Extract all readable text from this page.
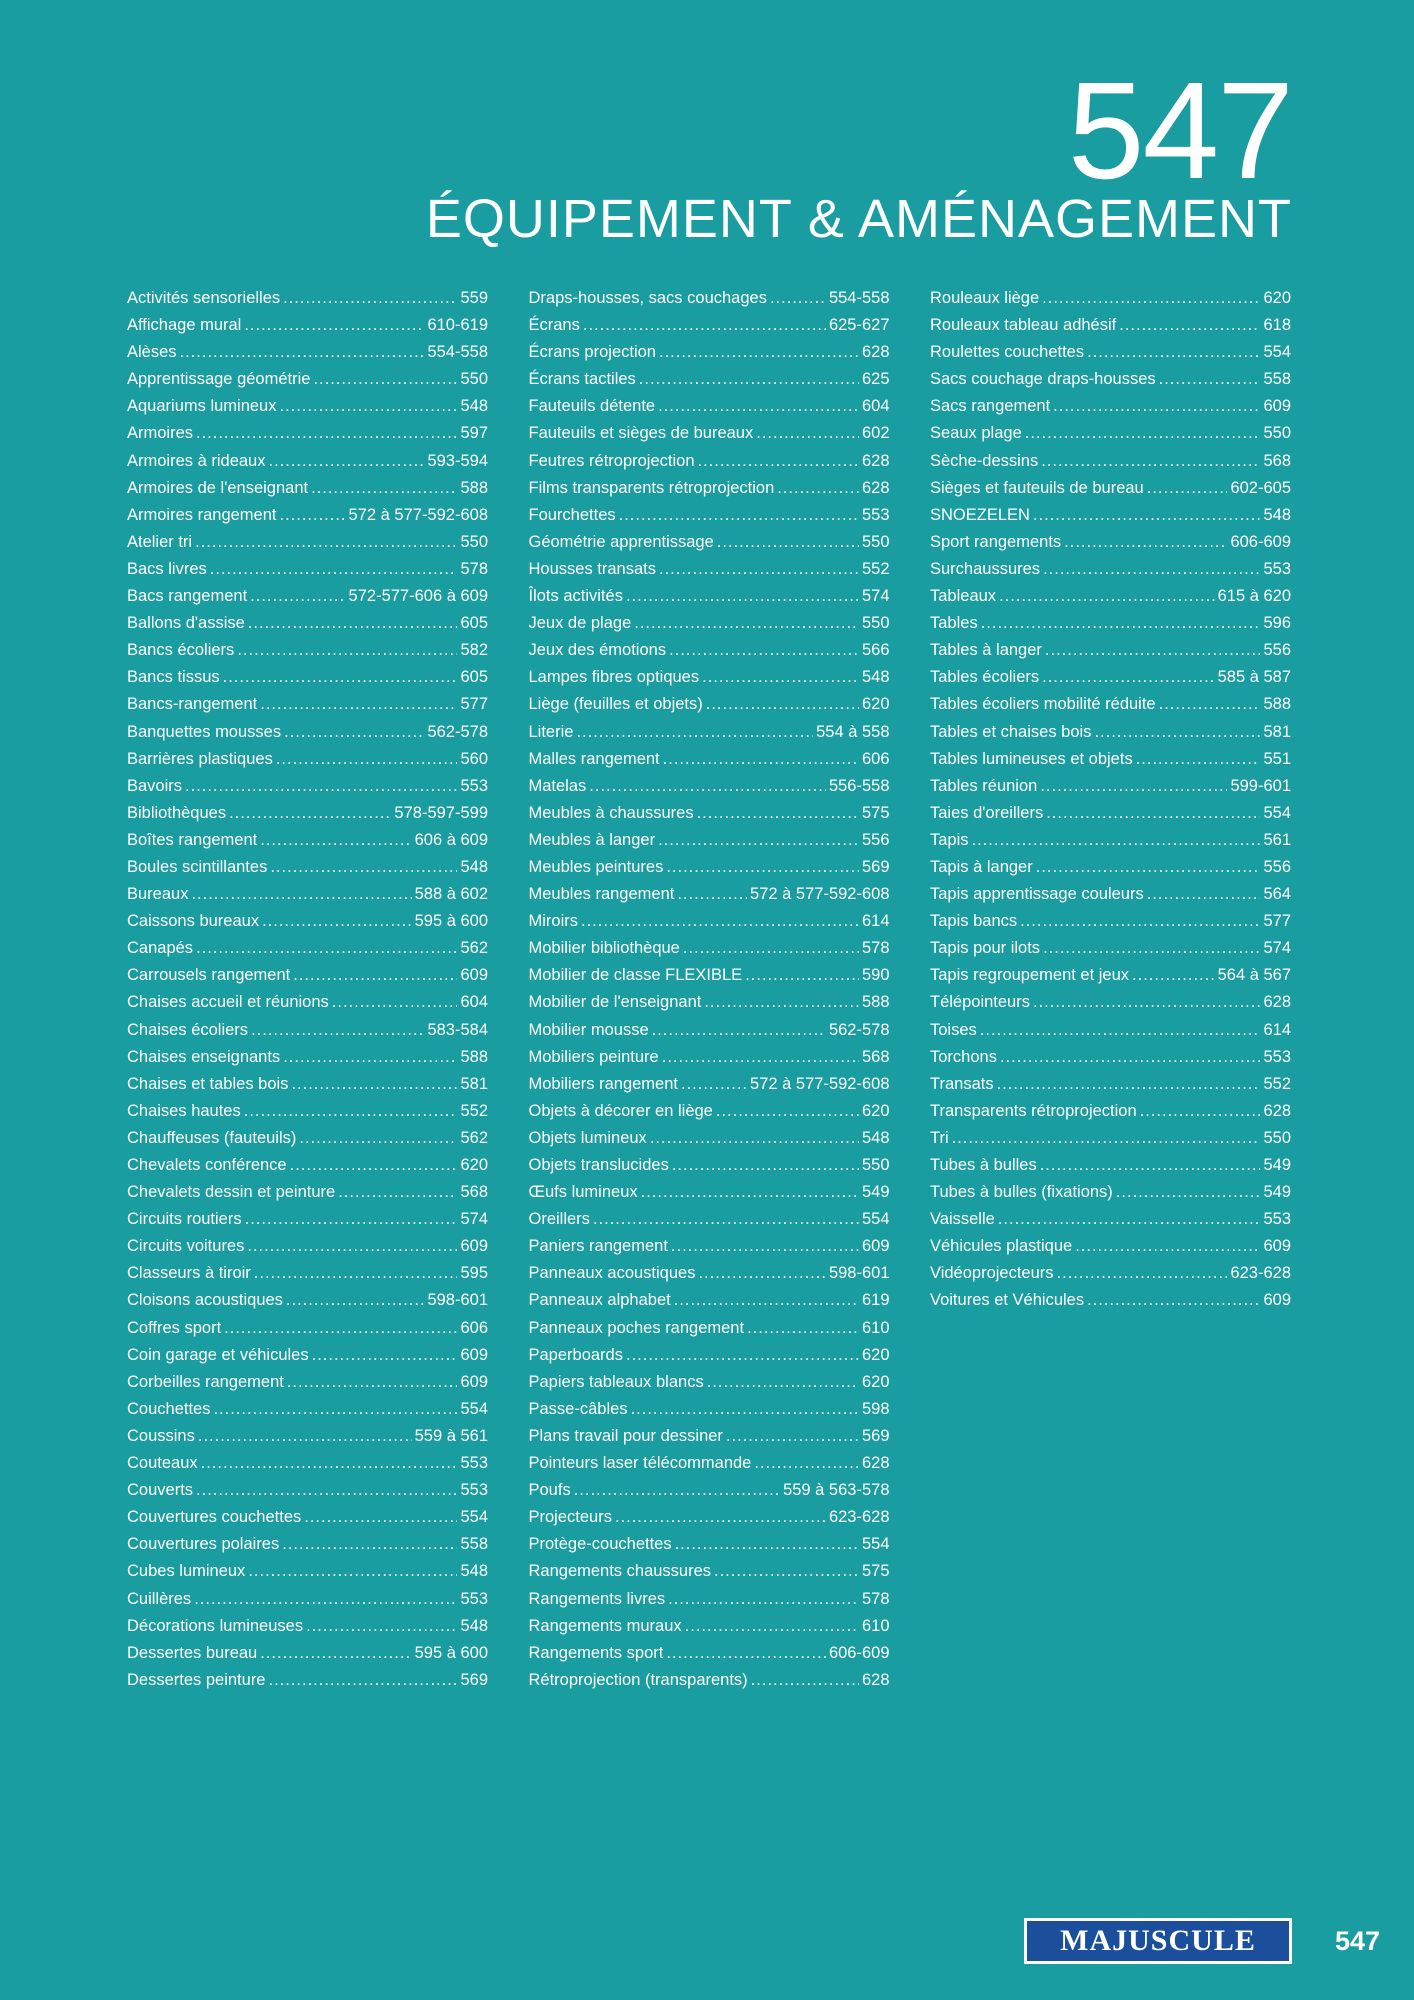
547
ÉQUIPEMENT & AMÉNAGEMENT
Activités sensorielles .....	559
Affichage mural .....	610-619
Alèses .....	554-558
Apprentissage géométrie .....	550
Aquariums lumineux .....	548
Armoires .....	597
Armoires à rideaux .....	593-594
Armoires de l'enseignant .....	588
Armoires rangement .....	572 à 577-592-608
Atelier tri .....	550
Bacs livres .....	578
Bacs rangement .....	572-577-606 à 609
Ballons d'assise .....	605
Bancs écoliers .....	582
Bancs tissus .....	605
Bancs-rangement .....	577
Banquettes mousses .....	562-578
Barrières plastiques .....	560
Bavoirs .....	553
Bibliothèques .....	578-597-599
Boîtes rangement .....	606 à 609
Boules scintillantes .....	548
Bureaux .....	588 à 602
Caissons bureaux .....	595 à 600
Canapés .....	562
Carrousels rangement .....	609
Chaises accueil et réunions .....	604
Chaises écoliers .....	583-584
Chaises enseignants .....	588
Chaises et tables bois .....	581
Chaises hautes .....	552
Chauffeuses (fauteuils) .....	562
Chevalets conférence .....	620
Chevalets dessin et peinture .....	568
Circuits routiers .....	574
Circuits voitures .....	609
Classeurs à tiroir .....	595
Cloisons acoustiques .....	598-601
Coffres sport .....	606
Coin garage et véhicules .....	609
Corbeilles rangement .....	609
Couchettes .....	554
Coussins .....	559 à 561
Couteaux .....	553
Couverts .....	553
Couvertures couchettes .....	554
Couvertures polaires .....	558
Cubes lumineux .....	548
Cuillères .....	553
Décorations lumineuses .....	548
Dessertes bureau .....	595 à 600
Dessertes peinture .....	569
Draps-housses, sacs couchages .....	554-558
Écrans .....	625-627
Écrans projection .....	628
Écrans tactiles .....	625
Fauteuils détente .....	604
Fauteuils et sièges de bureaux .....	602
Feutres rétroprojection .....	628
Films transparents rétroprojection .....	628
Fourchettes .....	553
Géométrie apprentissage .....	550
Housses transats .....	552
Îlots activités .....	574
Jeux de plage .....	550
Jeux des émotions .....	566
Lampes fibres optiques .....	548
Liège (feuilles et objets) .....	620
Literie .....	554 à 558
Malles rangement .....	606
Matelas .....	556-558
Meubles à chaussures .....	575
Meubles à langer .....	556
Meubles peintures .....	569
Meubles rangement .....	572 à 577-592-608
Miroirs .....	614
Mobilier bibliothèque .....	578
Mobilier de classe FLEXIBLE .....	590
Mobilier de l'enseignant .....	588
Mobilier mousse .....	562-578
Mobiliers peinture .....	568
Mobiliers rangement .....	572 à 577-592-608
Objets à décorer en liège .....	620
Objets lumineux .....	548
Objets translucides .....	550
Œufs lumineux .....	549
Oreillers .....	554
Paniers rangement .....	609
Panneaux acoustiques .....	598-601
Panneaux alphabet .....	619
Panneaux poches rangement .....	610
Paperboards .....	620
Papiers tableaux blancs .....	620
Passe-câbles .....	598
Plans travail pour dessiner .....	569
Pointeurs laser télécommande .....	628
Poufs .....	559 à 563-578
Projecteurs .....	623-628
Protège-couchettes .....	554
Rangements chaussures .....	575
Rangements livres .....	578
Rangements muraux .....	610
Rangements sport .....	606-609
Rétroprojection (transparents) .....	628
Rouleaux liège .....	620
Rouleaux tableau adhésif .....	618
Roulettes couchettes .....	554
Sacs couchage draps-housses .....	558
Sacs rangement .....	609
Seaux plage .....	550
Sèche-dessins .....	568
Sièges et fauteuils de bureau .....	602-605
SNOEZELEN .....	548
Sport rangements .....	606-609
Surchaussures .....	553
Tableaux .....	615 à 620
Tables .....	596
Tables à langer .....	556
Tables écoliers .....	585 à 587
Tables écoliers mobilité réduite .....	588
Tables et chaises bois .....	581
Tables lumineuses et objets .....	551
Tables réunion .....	599-601
Taies d'oreillers .....	554
Tapis .....	561
Tapis à langer .....	556
Tapis apprentissage couleurs .....	564
Tapis bancs .....	577
Tapis pour ilots .....	574
Tapis regroupement et jeux .....	564 à 567
Télépointeurs .....	628
Toises .....	614
Torchons .....	553
Transats .....	552
Transparents rétroprojection .....	628
Tri .....	550
Tubes à bulles .....	549
Tubes à bulles (fixations) .....	549
Vaisselle .....	553
Véhicules plastique .....	609
Vidéoprojecteurs .....	623-628
Voitures et Véhicules .....	609
MAJUSCULE	547
